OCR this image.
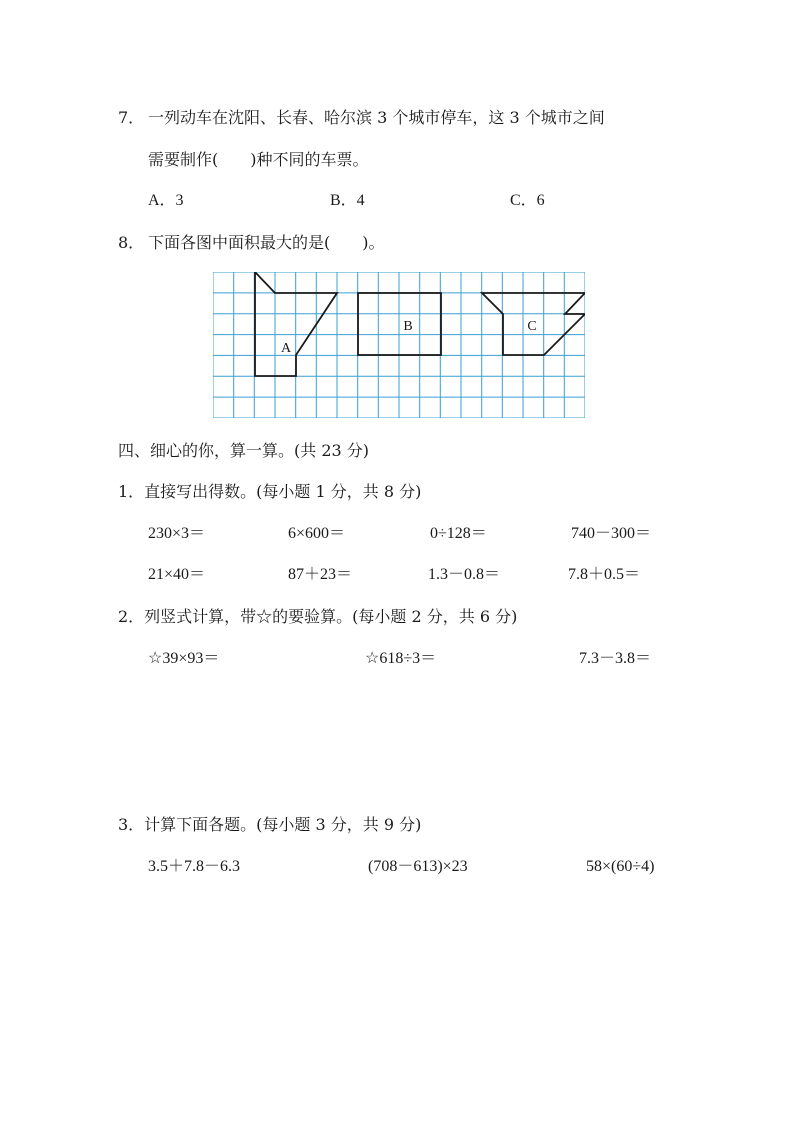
7． 一列动车在沈阳、长春、哈尔滨 3 个城市停车，这 3 个城市之间
需要制作(　　)种不同的车票。
A．3	B．4	C．6
8． 下面各图中面积最大的是(　　)。
A
B	C
四、细心的你，算一算。(共 23 分)
1．直接写出得数。(每小题 1 分，共 8 分)
230×3＝	6×600＝	0÷128＝	740－300＝
21×40＝	87＋23＝	1.3－0.8＝	7.8＋0.5＝
2．列竖式计算，带☆的要验算。(每小题 2 分，共 6 分)
☆39×93＝	☆618÷3＝	7.3－3.8＝
3．计算下面各题。(每小题 3 分，共 9 分)
3.5＋7.8－6.3	(708－613)×23	58×(60÷4)
